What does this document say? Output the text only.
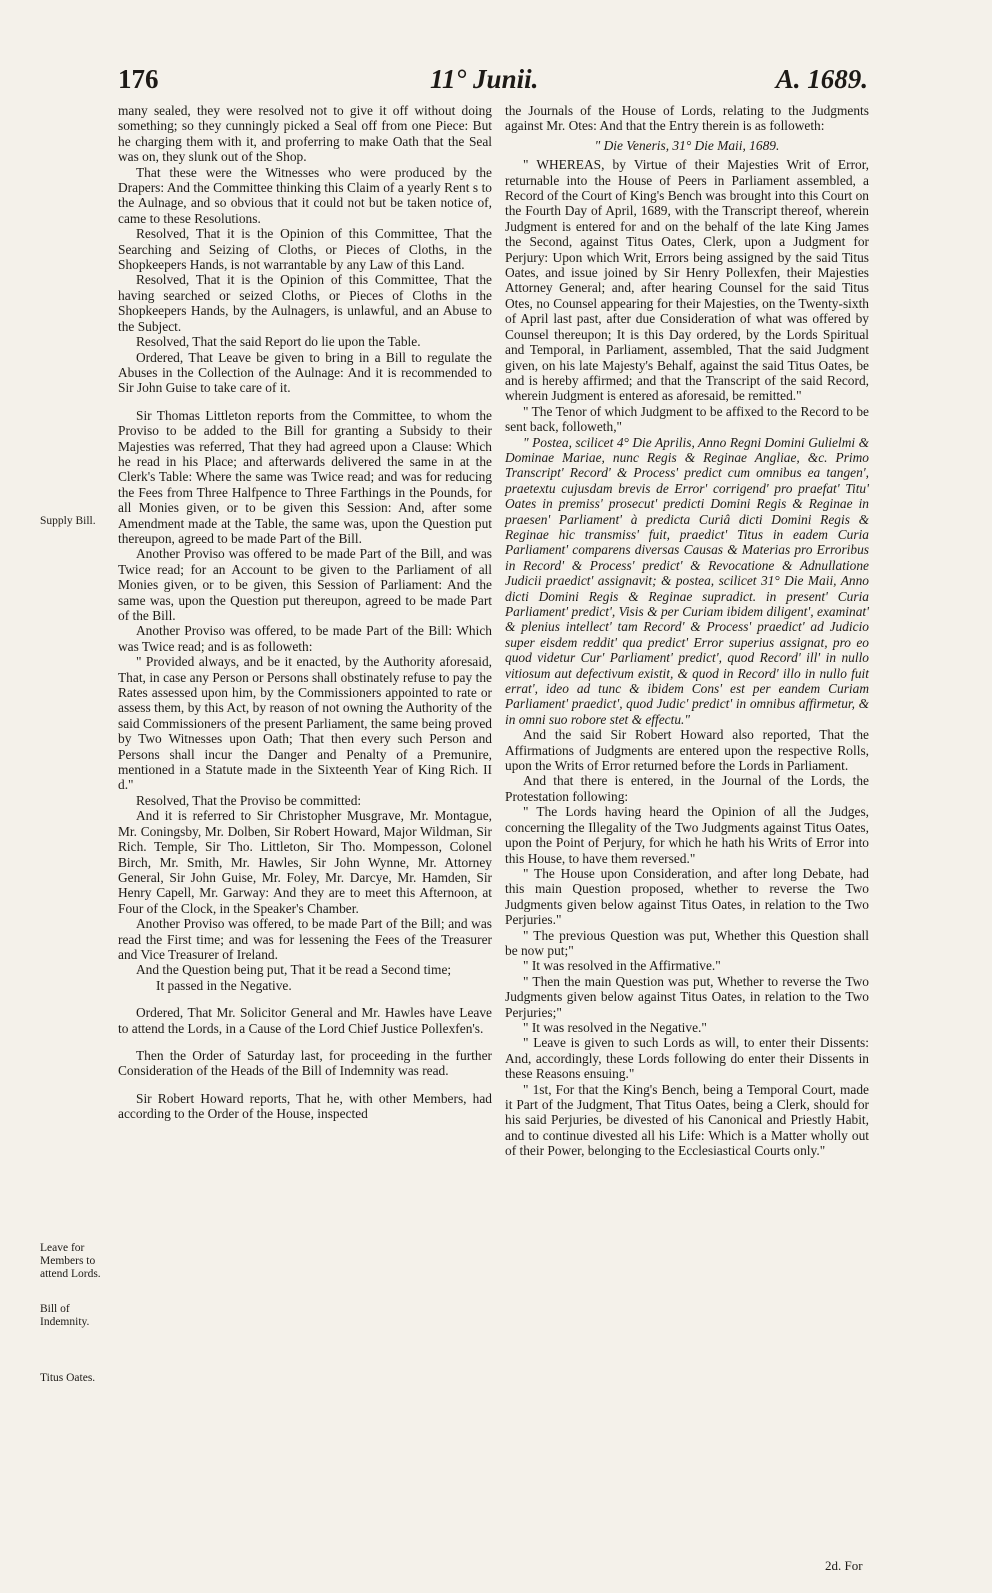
176	11° Junii.	A. 1689.
Supply Bill.
Leave for Members to attend Lords.
Bill of Indemnity.
Titus Oates.

many sealed, they were resolved not to give it off without doing something; so they cunningly picked a Seal off from one Piece: But he charging them with it, and proferring to make Oath that the Seal was on, they slunk out of the Shop.

That these were the Witnesses who were produced by the Drapers: And the Committee thinking this Claim of a yearly Rent s to the Aulnage, and so obvious that it could not but be taken notice of, came to these Resolutions.

Resolved, That it is the Opinion of this Committee, That the Searching and Seizing of Cloths, or Pieces of Cloths, in the Shopkeepers Hands, is not warrantable by any Law of this Land.

Resolved, That it is the Opinion of this Committee, That the having searched or seized Cloths, or Pieces of Cloths in the Shopkeepers Hands, by the Aulnagers, is unlawful, and an Abuse to the Subject.

Resolved, That the said Report do lie upon the Table.

Ordered, That Leave be given to bring in a Bill to regulate the Abuses in the Collection of the Aulnage: And it is recommended to Sir John Guise to take care of it.

Sir Thomas Littleton reports from the Committee, to whom the Proviso to be added to the Bill for granting a Subsidy to their Majesties was referred, That they had agreed upon a Clause: Which he read in his Place; and afterwards delivered the same in at the Clerk's Table: Where the same was Twice read; and was for reducing the Fees from Three Halfpence to Three Farthings in the Pounds, for all Monies given, or to be given this Session: And, after some Amendment made at the Table, the same was, upon the Question put thereupon, agreed to be made Part of the Bill.

Another Proviso was offered to be made Part of the Bill, and was Twice read; for an Account to be given to the Parliament of all Monies given, or to be given, this Session of Parliament: And the same was, upon the Question put thereupon, agreed to be made Part of the Bill.

Another Proviso was offered, to be made Part of the Bill: Which was Twice read; and is as followeth:

" Provided always, and be it enacted, by the Authority aforesaid, That, in case any Person or Persons shall obstinately refuse to pay the Rates assessed upon him, by the Commissioners appointed to rate or assess them, by this Act, by reason of not owning the Authority of the said Commissioners of the present Parliament, the same being proved by Two Witnesses upon Oath; That then every such Person and Persons shall incur the Danger and Penalty of a Premunire, mentioned in a Statute made in the Sixteenth Year of King Rich. II d."

Resolved, That the Proviso be committed:

And it is referred to Sir Christopher Musgrave, Mr. Montague, Mr. Coningsby, Mr. Dolben, Sir Robert Howard, Major Wildman, Sir Rich. Temple, Sir Tho. Littleton, Sir Tho. Mompesson, Colonel Birch, Mr. Smith, Mr. Hawles, Sir John Wynne, Mr. Attorney General, Sir John Guise, Mr. Foley, Mr. Darcye, Mr. Hamden, Sir Henry Capell, Mr. Garway: And they are to meet this Afternoon, at Four of the Clock, in the Speaker's Chamber.

Another Proviso was offered, to be made Part of the Bill; and was read the First time; and was for lessening the Fees of the Treasurer and Vice Treasurer of Ireland.

And the Question being put, That it be read a Second time;

It passed in the Negative.

Ordered, That Mr. Solicitor General and Mr. Hawles have Leave to attend the Lords, in a Cause of the Lord Chief Justice Pollexfen's.

Then the Order of Saturday last, for proceeding in the further Consideration of the Heads of the Bill of Indemnity was read.

Sir Robert Howard reports, That he, with other Members, had according to the Order of the House, inspected

the Journals of the House of Lords, relating to the Judgments against Mr. Otes: And that the Entry therein is as followeth:

" Die Veneris, 31° Die Maii, 1689.

" WHEREAS, by Virtue of their Majesties Writ of Error, returnable into the House of Peers in Parliament assembled, a Record of the Court of King's Bench was brought into this Court on the Fourth Day of April, 1689, with the Transcript thereof, wherein Judgment is entered for and on the behalf of the late King James the Second, against Titus Oates, Clerk, upon a Judgment for Perjury: Upon which Writ, Errors being assigned by the said Titus Oates, and issue joined by Sir Henry Pollexfen, their Majesties Attorney General; and, after hearing Counsel for the said Titus Otes, no Counsel appearing for their Majesties, on the Twenty-sixth of April last past, after due Consideration of what was offered by Counsel thereupon; It is this Day ordered, by the Lords Spiritual and Temporal, in Parliament, assembled, That the said Judgment given, on his late Majesty's Behalf, against the said Titus Oates, be and is hereby affirmed; and that the Transcript of the said Record, wherein Judgment is entered as aforesaid, be remitted."

" The Tenor of which Judgment to be affixed to the Record to be sent back, followeth,"

" Postea, scilicet 4° Die Aprilis, Anno Regni Domini Gulielmi & Dominae Mariae, nunc Regis & Reginae Angliae, &c. Primo Transcript' Record' & Process' predict cum omnibus ea tangen', praetextu cujusdam brevis de Error' corrigend' pro praefat' Titu' Oates in premiss' prosecut' predicti Domini Regis & Reginae in praesen' Parliament' à predicta Curiâ dicti Domini Regis & Reginae hic transmiss' fuit, praedict' Titus in eadem Curia Parliament' comparens diversas Causas & Materias pro Erroribus in Record' & Process' predict' & Revocatione & Adnullatione Judicii praedict' assignavit; & postea, scilicet 31° Die Maii, Anno dicti Domini Regis & Reginae supradict. in present' Curia Parliament' predict', Visis & per Curiam ibidem diligent', examinat' & plenius intellect' tam Record' & Process' praedict' ad Judicio super eisdem reddit' qua predict' Error superius assignat, pro eo quod videtur Cur' Parliament' predict', quod Record' ill' in nullo vitiosum aut defectivum existit, & quod in Record' illo in nullo fuit errat', ideo ad tunc & ibidem Cons' est per eandem Curiam Parliament' praedict', quod Judic' predict' in omnibus affirmetur, & in omni suo robore stet & effectu."

And the said Sir Robert Howard also reported, That the Affirmations of Judgments are entered upon the respective Rolls, upon the Writs of Error returned before the Lords in Parliament.

And that there is entered, in the Journal of the Lords, the Protestation following:

" The Lords having heard the Opinion of all the Judges, concerning the Illegality of the Two Judgments against Titus Oates, upon the Point of Perjury, for which he hath his Writs of Error into this House, to have them reversed."

" The House upon Consideration, and after long Debate, had this main Question proposed, whether to reverse the Two Judgments given below against Titus Oates, in relation to the Two Perjuries."

" The previous Question was put, Whether this Question shall be now put;"

" It was resolved in the Affirmative."

" Then the main Question was put, Whether to reverse the Two Judgments given below against Titus Oates, in relation to the Two Perjuries;"

" It was resolved in the Negative."

" Leave is given to such Lords as will, to enter their Dissents: And, accordingly, these Lords following do enter their Dissents in these Reasons ensuing."

" 1st, For that the King's Bench, being a Temporal Court, made it Part of the Judgment, That Titus Oates, being a Clerk, should for his said Perjuries, be divested of his Canonical and Priestly Habit, and to continue divested all his Life: Which is a Matter wholly out of their Power, belonging to the Ecclesiastical Courts only."

2d. For
